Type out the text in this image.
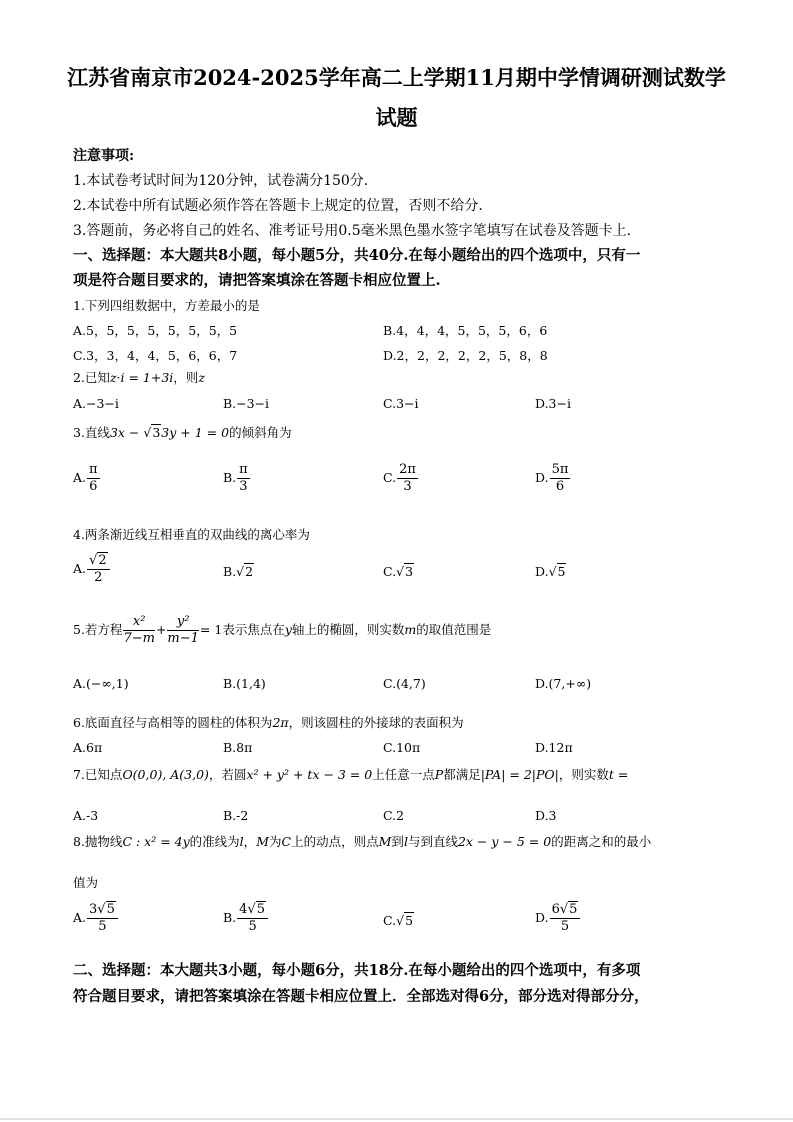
江苏省南京市2024-2025学年高二上学期11月期中学情调研测试数学
试题
注意事项:
1.本试卷考试时间为120分钟，试卷满分150分.
2.本试卷中所有试题必须作答在答题卡上规定的位置，否则不给分.
3.答题前，务必将自己的姓名、准考证号用0.5毫米黑色墨水签字笔填写在试卷及答题卡上.
一、选择题：本大题共8小题，每小题5分，共40分.在每小题给出的四个选项中，只有一
项是符合题目要求的，请把答案填涂在答题卡相应位置上.
1.下列四组数据中，方差最小的是
A.5，5，5，5，5，5，5，5	B.4，4，4，5，5，5，6，6
C.3，3，4，4，5，6，6，7	D.2，2，2，2，2，5，8，8
2.已知z·i = 1+3i，则z
A.−3−i	B.−3−i	C.3−i	D.3−i
3.直线3x − √33y + 1 = 0的倾斜角为
A. $\frac{\pi}{6}$	B. $\frac{\pi}{3}$	C. $\frac{2\pi}{3}$	D. $\frac{5\pi}{6}$
4.两条渐近线互相垂直的双曲线的离心率为
A. $\frac{√2}{2}$	B.√2	C.√3	D.√5
5.若方程 $\frac{\text{x²}}{7-m} + \frac{\text{y²}}{m-1} = 1$表示焦点在y轴上的椭圆，则实数m的取值范围是
A.(−∞,1)	B.(1,4)	C.(4,7)	D.(7,+∞)
6.底面直径与高相等的圆柱的体积为2π，则该圆柱的外接球的表面积为
A.6π	B.8π	C.10π	D.12π
7.已知点O(0,0), A(3,0)，若圆x² + y² + tx − 3 = 0上任意一点P都满足|PA| = 2|PO|，则实数t =
A.-3	B.-2	C.2	D.3
8.抛物线C : x² = 4y的准线为l，M为C上的动点，则点M到l与到直线2x − y − 5 = 0的距离之和的最小
值为
A. $\frac{3√5}{5}$	B. $\frac{4√5}{5}$	C.√5	D. $\frac{6√5}{5}$
二、选择题：本大题共3小题，每小题6分，共18分.在每小题给出的四个选项中，有多项
符合题目要求，请把答案填涂在答题卡相应位置上．全部选对得6分，部分选对得部分分，
